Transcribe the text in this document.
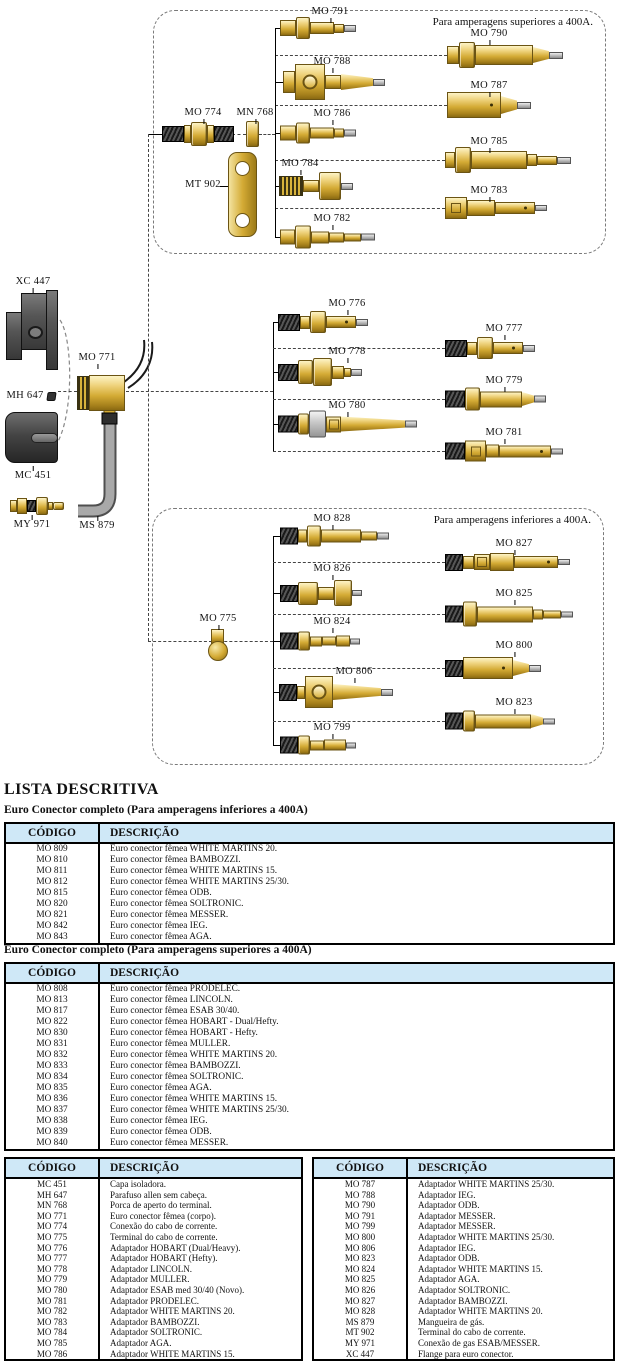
Para amperagens superiores a 400A.
Para amperagens inferiores a 400A.
MO 791
MO 790
MO 788
MO 787
MO 786
MO 774 MN 768
MT 902
MO 785
MO 784
MO 783
MO 782
XC 447
MO 771
MH 647
MC 451
MY 971	MS 879
MO 775
MO 776
MO 777
MO 778
MO 779
MO 780
MO 781
MO 828
MO 827
MO 826
MO 825
MO 824
MO 800
MO 806
MO 823
MO 799
LISTA DESCRITIVA
Euro Conector completo (Para amperagens inferiores a 400A)
CÓDIGO	DESCRIÇÃO
MO 809	Euro conector fêmea WHITE MARTINS 20.
MO 810	Euro conector fêmea BAMBOZZI.
MO 811	Euro conector fêmea WHITE MARTINS 15.
MO 812	Euro conector fêmea WHITE MARTINS 25/30.
MO 815	Euro conector fêmea ODB.
MO 820	Euro conector fêmea SOLTRONIC.
MO 821	Euro conector fêmea MESSER.
MO 842	Euro conector fêmea IEG.
MO 843	Euro conector fêmea AGA.
Euro Conector completo (Para amperagens superiores a 400A)
CÓDIGO	DESCRIÇÃO
MO 808	Euro conector fêmea PRODELEC.
MO 813	Euro conector fêmea LINCOLN.
MO 817	Euro conector fêmea ESAB 30/40.
MO 822	Euro conector fêmea HOBART - Dual/Hefty.
MO 830	Euro conector fêmea HOBART - Hefty.
MO 831	Euro conector fêmea MULLER.
MO 832	Euro conector fêmea WHITE MARTINS 20.
MO 833	Euro conector fêmea BAMBOZZI.
MO 834	Euro conector fêmea SOLTRONIC.
MO 835	Euro conector fêmea AGA.
MO 836	Euro conector fêmea WHITE MARTINS 15.
MO 837	Euro conector fêmea WHITE MARTINS 25/30.
MO 838	Euro conector fêmea IEG.
MO 839	Euro conector fêmea ODB.
MO 840	Euro conector fêmea MESSER.
CÓDIGO	DESCRIÇÃO
MC 451	Capa isoladora.
MH 647	Parafuso allen sem cabeça.
MN 768	Porca de aperto do terminal.
MO 771	Euro conector fêmea (corpo).
MO 774	Conexão do cabo de corrente.
MO 775	Terminal do cabo de corrente.
MO 776	Adaptador HOBART (Dual/Heavy).
MO 777	Adaptador HOBART (Hefty).
MO 778	Adaptador LINCOLN.
MO 779	Adaptador MULLER.
MO 780	Adaptador ESAB med 30/40 (Novo).
MO 781	Adaptador PRODELEC.
MO 782	Adaptador WHITE MARTINS 20.
MO 783	Adaptador BAMBOZZI.
MO 784	Adaptador SOLTRONIC.
MO 785	Adaptador AGA.
MO 786	Adaptador WHITE MARTINS 15.
CÓDIGO	DESCRIÇÃO
MO 787	Adaptador WHITE MARTINS 25/30.
MO 788	Adaptador IEG.
MO 790	Adaptador ODB.
MO 791	Adaptador MESSER.
MO 799	Adaptador MESSER.
MO 800	Adaptador WHITE MARTINS 25/30.
MO 806	Adaptador IEG.
MO 823	Adaptador ODB.
MO 824	Adaptador WHITE MARTINS 15.
MO 825	Adaptador AGA.
MO 826	Adaptador SOLTRONIC.
MO 827	Adaptador BAMBOZZI.
MO 828	Adaptador WHITE MARTINS 20.
MS 879	Mangueira de gás.
MT 902	Terminal do cabo de corrente.
MY 971	Conexão de gas ESAB/MESSER.
XC 447	Flange para euro conector.
